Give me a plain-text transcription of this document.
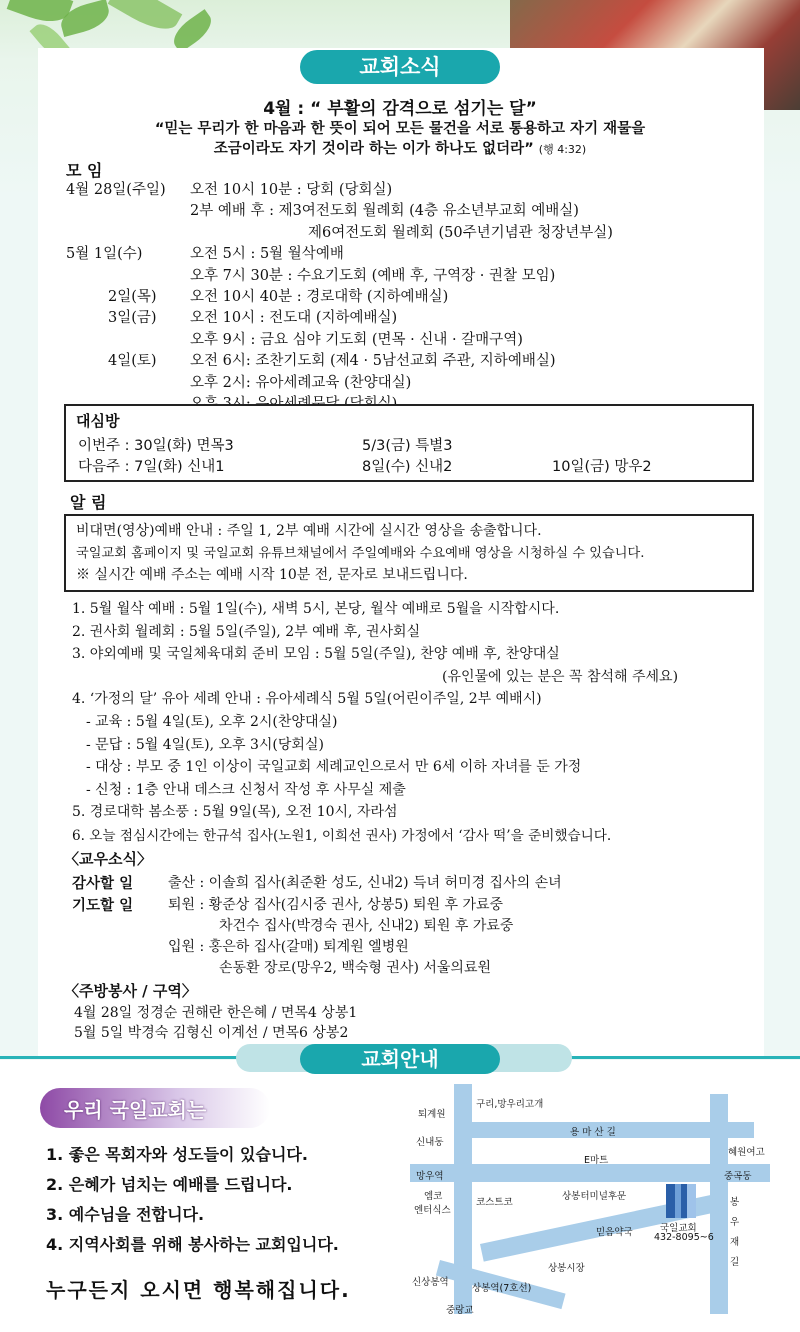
교회소식
4월 : “ 부활의 감격으로 섬기는 달”
“믿는 무리가 한 마음과 한 뜻이 되어 모든 물건을 서로 통용하고 자기 재물을
조금이라도 자기 것이라 하는 이가 하나도 없더라” (행 4:32)
모 임
4월 28일(주일) 오전 10시 10분 : 당회 (당회실)
2부 예배 후 : 제3여전도회 월례회 (4층 유소년부교회 예배실)
제6여전도회 월례회 (50주년기념관 청장년부실)
5월 1일(수)	오전 5시 : 5월 월삭예배
오후 7시 30분 : 수요기도회 (예배 후, 구역장 · 권찰 모임)
2일(목) 오전 10시 40분 : 경로대학 (지하예배실)
3일(금) 오전 10시 : 전도대 (지하예배실)
오후 9시 : 금요 심야 기도회 (면목 · 신내 · 갈매구역)
4일(토) 오전 6시: 조찬기도회 (제4 · 5남선교회 주관, 지하예배실)
오후 2시: 유아세례교육 (찬양대실)
대심방
이번주 : 30일(화) 면목3	5/3(금) 특별3
다음주 : 7일(화) 신내1	8일(수) 신내2	10일(금) 망우2
알 림
비대면(영상)예배 안내 : 주일 1, 2부 예배 시간에 실시간 영상을 송출합니다.
국일교회 홈페이지 및 국일교회 유튜브채널에서 주일예배와 수요예배 영상을 시청하실 수 있습니다.
※ 실시간 예배 주소는 예배 시작 10분 전, 문자로 보내드립니다.
1. 5월 월삭 예배 : 5월 1일(수), 새벽 5시, 본당, 월삭 예배로 5월을 시작합시다.
2. 권사회 월례회 : 5월 5일(주일), 2부 예배 후, 권사회실
3. 야외예배 및 국일체육대회 준비 모임 : 5월 5일(주일), 찬양 예배 후, 찬양대실
(유인물에 있는 분은 꼭 참석해 주세요)
4. ‘가정의 달’ 유아 세례 안내 : 유아세례식 5월 5일(어린이주일, 2부 예배시)
- 교육 : 5월 4일(토), 오후 2시(찬양대실)
- 문답 : 5월 4일(토), 오후 3시(당회실)
- 대상 : 부모 중 1인 이상이 국일교회 세례교인으로서 만 6세 이하 자녀를 둔 가정
- 신청 : 1층 안내 데스크 신청서 작성 후 사무실 제출
5. 경로대학 봄소풍 : 5월 9일(목), 오전 10시, 자라섬
6. 오늘 점심시간에는 한규석 집사(노원1, 이희선 권사) 가정에서 ‘감사 떡’을 준비했습니다.
〈교우소식〉
감사할 일 출산 : 이솔희 집사(최준환 성도, 신내2) 득녀 허미경 집사의 손녀
기도할 일 퇴원 : 황준상 집사(김시중 권사, 상봉5) 퇴원 후 가료중
차건수 집사(박경숙 권사, 신내2) 퇴원 후 가료중
입원 : 홍은하 집사(갈매) 퇴계원 엘병원
손동환 장로(망우2, 백숙형 권사) 서울의료원
〈주방봉사 / 구역〉
4월 28일 정경순 권해란 한은혜 / 면목4 상봉1
5월 5일 박경숙 김형신 이계선 / 면목6 상봉2
교회안내
우리 국일교회는
1. 좋은 목회자와 성도들이 있습니다.
2. 은혜가 넘치는 예배를 드립니다.
3. 예수님을 전합니다.
4. 지역사회를 위해 봉사하는 교회입니다.
누구든지 오시면 행복해집니다.
구리,망우리고개
퇴계원
용 마 산 길
신내동
혜원여고
E마트
망우역	중곡동
엠코
엔터식스
코스트코
상봉터미널후문
국일교회
432-8095~6
믿음약국
봉
우
재
길
상봉시장
신상봉역
상봉역(7호선)
중랑교
